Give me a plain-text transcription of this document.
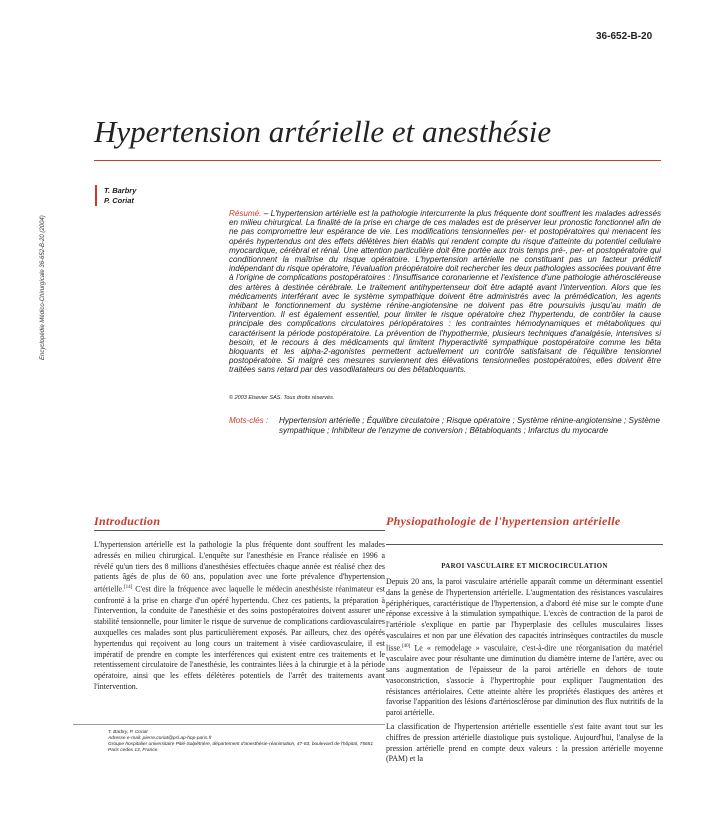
36-652-B-20
Encyclopédie Médico-Chirurgicale 36-652-B-20 (2004)
Hypertension artérielle et anesthésie
T. Barbry
P. Coriat
Résumé. – L'hypertension artérielle est la pathologie intercurrente la plus fréquente dont souffrent les malades adressés en milieu chirurgical. La finalité de la prise en charge de ces malades est de préserver leur pronostic fonctionnel afin de ne pas compromettre leur espérance de vie. Les modifications tensionnelles per- et postopératoires qui menacent les opérés hypertendus ont des effets délétères bien établis qui rendent compte du risque d'atteinte du potentiel cellulaire myocardique, cérébral et rénal. Une attention particulière doit être portée aux trois temps pré-, per- et postopératoire qui conditionnent la maîtrise du risque opératoire. L'hypertension artérielle ne constituant pas un facteur prédictif indépendant du risque opératoire, l'évaluation préopératoire doit rechercher les deux pathologies associées pouvant être à l'origine de complications postopératoires : l'insuffisance coronarienne et l'existence d'une pathologie athéroscléreuse des artères à destinée cérébrale. Le traitement antihypertenseur doit être adapté avant l'intervention. Alors que les médicaments interférant avec le système sympathique doivent être administrés avec la prémédication, les agents inhibant le fonctionnement du système rénine-angiotensine ne doivent pas être poursuivis jusqu'au matin de l'intervention. Il est également essentiel, pour limiter le risque opératoire chez l'hypertendu, de contrôler la cause principale des complications circulatoires périopératoires : les contraintes hémodynamiques et métaboliques qui caractérisent la période postopératoire. La prévention de l'hypothermie, plusieurs techniques d'analgésie, intensives si besoin, et le recours à des médicaments qui limitent l'hyperactivité sympathique postopératoire comme les bêta bloquants et les alpha-2-agonistes permettent actuellement un contrôle satisfaisant de l'équilibre tensionnel postopératoire. Si malgré ces mesures surviennent des élévations tensionnelles postopératoires, elles doivent être traitées sans retard par des vasodilatateurs ou des bêtabloquants.
© 2003 Elsevier SAS. Tous droits réservés.
Mots-clés :	Hypertension artérielle ; Équilibre circulatoire ; Risque opératoire ; Système rénine-angiotensine ; Système sympathique ; Inhibiteur de l'enzyme de conversion ; Bêtabloquants ; Infarctus du myocarde
Introduction

L'hypertension artérielle est la pathologie la plus fréquente dont souffrent les malades adressés en milieu chirurgical. L'enquête sur l'anesthésie en France réalisée en 1996 a révélé qu'un tiers des 8 millions d'anesthésies effectuées chaque année est réalisé chez des patients âgés de plus de 60 ans, population avec une forte prévalence d'hypertension artérielle.[14] C'est dire la fréquence avec laquelle le médecin anesthésiste réanimateur est confronté à la prise en charge d'un opéré hypertendu. Chez ces patients, la préparation à l'intervention, la conduite de l'anesthésie et des soins postopératoires doivent assurer une stabilité tensionnelle, pour limiter le risque de survenue de complications cardiovasculaires auxquelles ces malades sont plus particulièrement exposés. Par ailleurs, chez des opérés hypertendus qui reçoivent au long cours un traitement à visée cardiovasculaire, il est impératif de prendre en compte les interférences qui existent entre ces traitements et le retentissement circulatoire de l'anesthésie, les contraintes liées à la chirurgie et à la période opératoire, ainsi que les effets délétères potentiels de l'arrêt des traitements avant l'intervention.

T. Barbry, P. Coriat
Adresse e-mail: pierre.coriat@psl.ap-hop-paris.fr
Groupe hospitalier universitaire Pitié-Salpêtrière, département d'anesthésie-réanimation, 47-83, boulevard de l'hôpital, 75651 Paris cedex 13, France.
Physiopathologie de l'hypertension artérielle
PAROI VASCULAIRE ET MICROCIRCULATION

Depuis 20 ans, la paroi vasculaire artérielle apparaît comme un déterminant essentiel dans la genèse de l'hypertension artérielle. L'augmentation des résistances vasculaires périphériques, caractéristique de l'hypertension, a d'abord été mise sur le compte d'une réponse excessive à la stimulation sympathique. L'excès de contraction de la paroi de l'artériole s'explique en partie par l'hyperplasie des cellules musculaires lisses vasculaires et non par une élévation des capacités intrinsèques contractiles du muscle lisse.[40] Le « remodelage » vasculaire, c'est-à-dire une réorganisation du matériel vasculaire avec pour résultante une diminution du diamètre interne de l'artère, avec ou sans augmentation de l'épaisseur de la paroi artérielle en dehors de toute vasoconstriction, s'associe à l'hypertrophie pour expliquer l'augmentation des résistances artériolaires. Cette atteinte altère les propriétés élastiques des artères et favorise l'apparition des lésions d'artériosclérose par diminution des flux nutritifs de la paroi artérielle.

La classification de l'hypertension artérielle essentielle s'est faite avant tout sur les chiffres de pression artérielle diastolique puis systolique. Aujourd'hui, l'analyse de la pression artérielle prend en compte deux valeurs : la pression artérielle moyenne (PAM) et la
